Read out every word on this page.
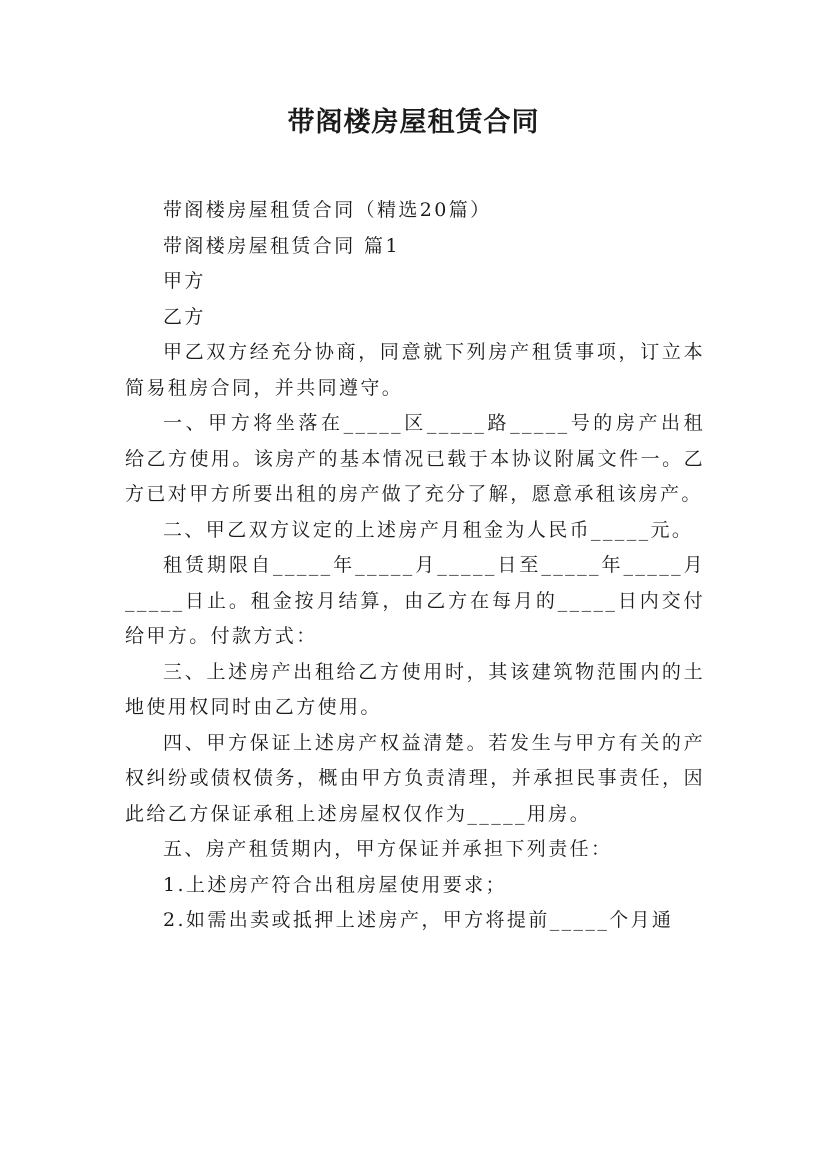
带阁楼房屋租赁合同

带阁楼房屋租赁合同（精选20篇）

带阁楼房屋租赁合同 篇1

甲方

乙方

甲乙双方经充分协商，同意就下列房产租赁事项，订立本简易租房合同，并共同遵守。

一、甲方将坐落在_____区_____路_____号的房产出租给乙方使用。该房产的基本情况已载于本协议附属文件一。乙方已对甲方所要出租的房产做了充分了解，愿意承租该房产。

二、甲乙双方议定的上述房产月租金为人民币_____元。

租赁期限自_____年_____月_____日至_____年_____月_____日止。租金按月结算，由乙方在每月的_____日内交付给甲方。付款方式：

三、上述房产出租给乙方使用时，其该建筑物范围内的土地使用权同时由乙方使用。

四、甲方保证上述房产权益清楚。若发生与甲方有关的产权纠纷或债权债务，概由甲方负责清理，并承担民事责任，因此给乙方保证承租上述房屋权仅作为_____用房。

五、房产租赁期内，甲方保证并承担下列责任：

1.上述房产符合出租房屋使用要求；

2.如需出卖或抵押上述房产，甲方将提前_____个月通
